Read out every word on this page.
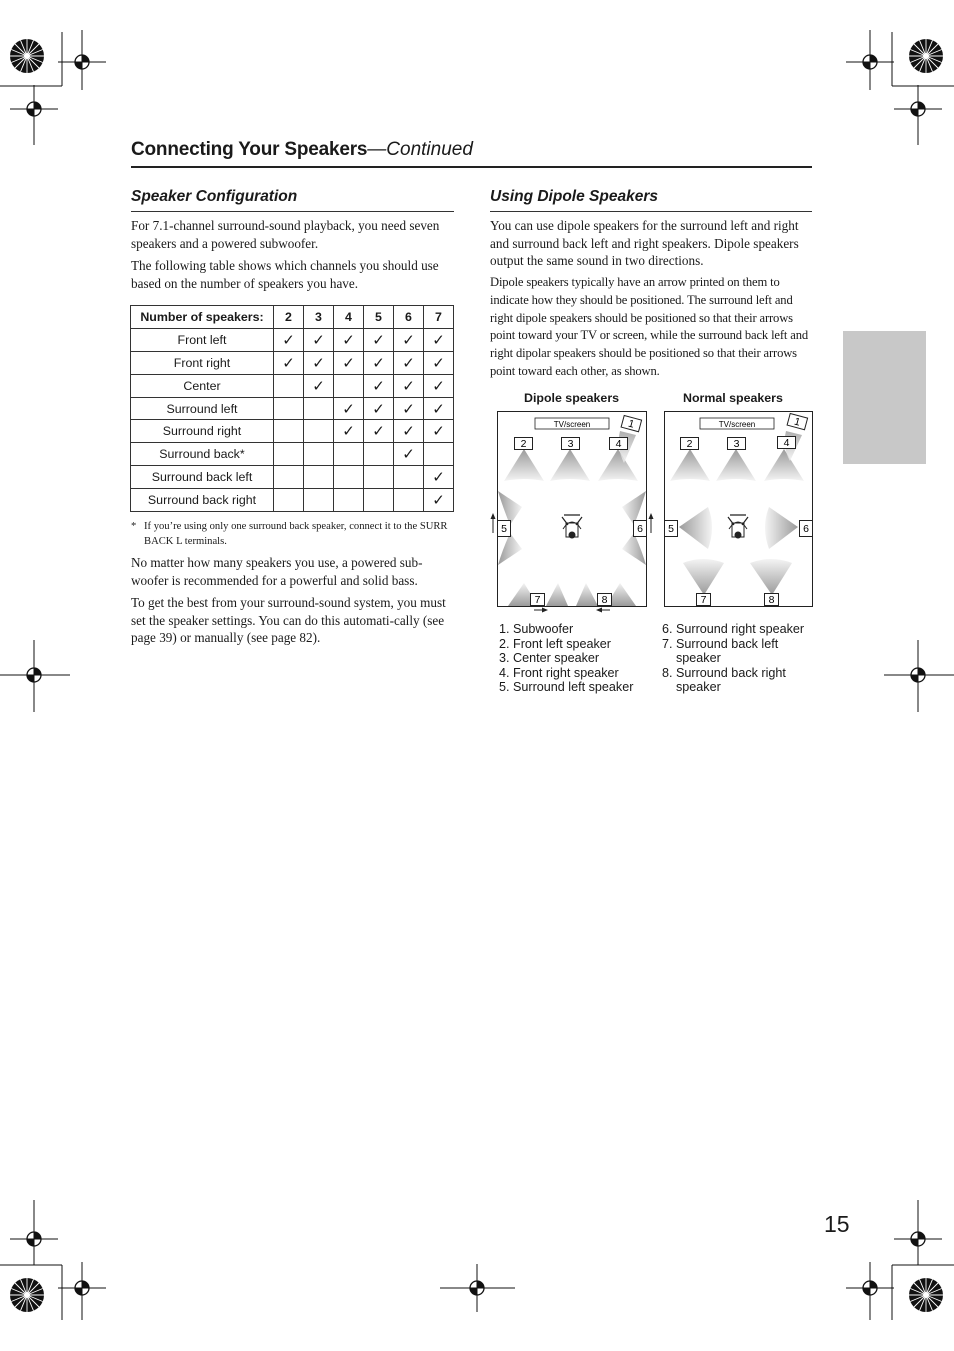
Connecting Your Speakers—Continued
Speaker Configuration

For 7.1-channel surround-sound playback, you need seven speakers and a powered subwoofer.

The following table shows which channels you should use based on the number of speakers you have.

Number of speakers:	2	3	4	5	6	7
Front left	✓	✓	✓	✓	✓	✓
Front right	✓	✓	✓	✓	✓	✓
Center		✓		✓	✓	✓
Surround left			✓	✓	✓	✓
Surround right			✓	✓	✓	✓
Surround back*					✓	
Surround back left						✓
Surround back right						✓
* If you’re using only one surround back speaker, connect it to the SURR BACK L terminals.

No matter how many speakers you use, a powered sub-woofer is recommended for a powerful and solid bass.

To get the best from your surround-sound system, you must set the speaker settings. You can do this automati-cally (see page 39) or manually (see page 82).

Using Dipole Speakers
You can use dipole speakers for the surround left and right and surround back left and right speakers. Dipole speakers output the same sound in two directions.
Dipole speakers typically have an arrow printed on them to indicate how they should be positioned. The surround left and right dipole speakers should be positioned so that their arrows point toward your TV or screen, while the surround back left and right dipolar speakers should be positioned so that their arrows point toward each other, as shown.
Dipole speakers	Normal speakers
TV/screen	TV/screen
2	3	4
1
5	6
7	8
2	3	4
1
5	6
7	8
1. Subwoofer
2. Front left speaker
3. Center speaker
4. Front right speaker
5. Surround left speaker
6. Surround right speaker
7. Surround back left speaker
8. Surround back right speaker
15
